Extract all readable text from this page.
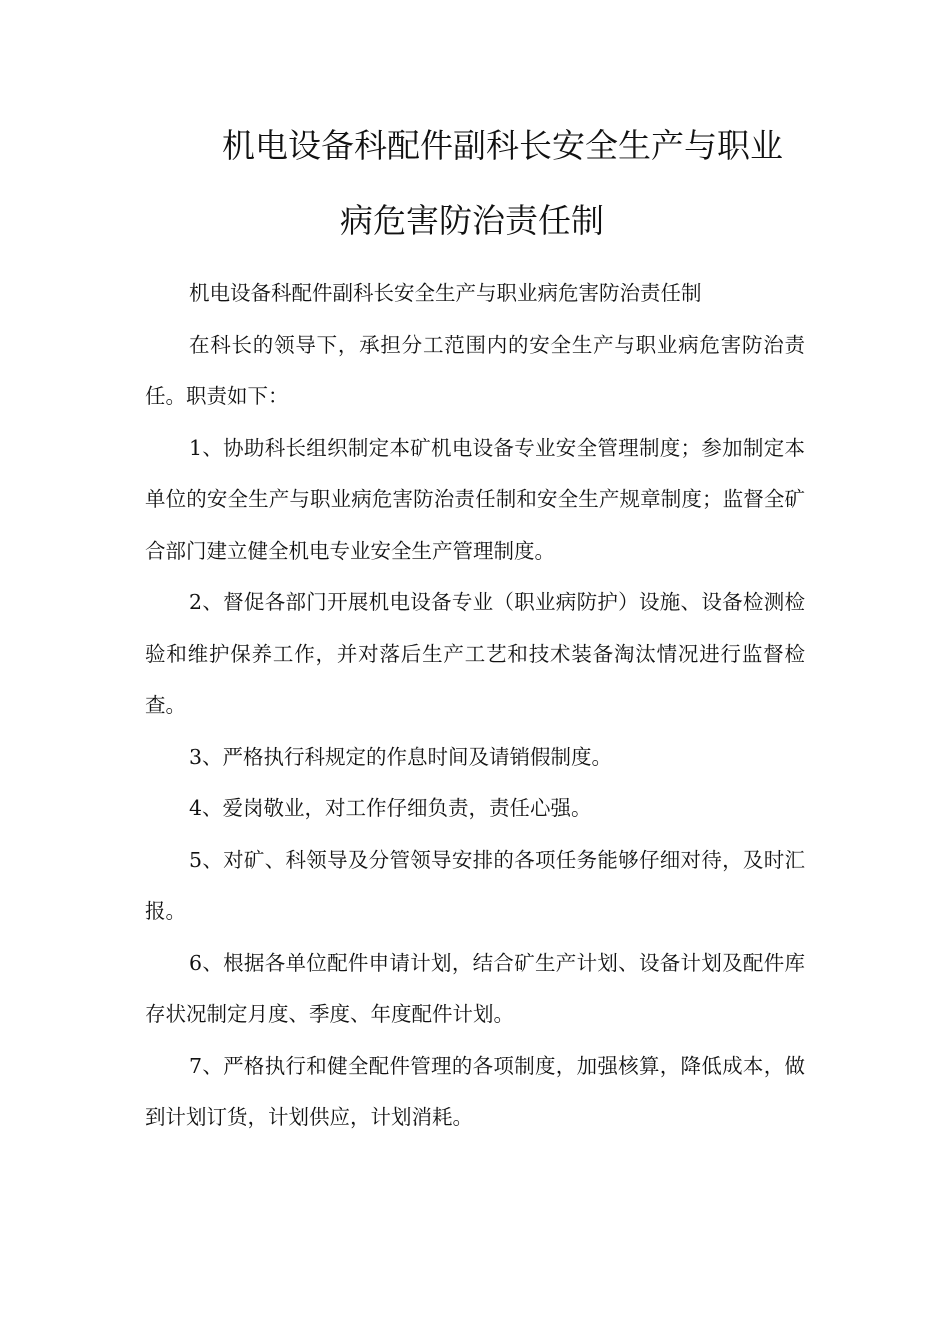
机电设备科配件副科长安全生产与职业
病危害防治责任制

机电设备科配件副科长安全生产与职业病危害防治责任制

在科长的领导下，承担分工范围内的安全生产与职业病危害防治责任。职责如下：

1、协助科长组织制定本矿机电设备专业安全管理制度；参加制定本单位的安全生产与职业病危害防治责任制和安全生产规章制度；监督全矿合部门建立健全机电专业安全生产管理制度。

2、督促各部门开展机电设备专业（职业病防护）设施、设备检测检验和维护保养工作，并对落后生产工艺和技术装备淘汰情况进行监督检查。

3、严格执行科规定的作息时间及请销假制度。

4、爱岗敬业，对工作仔细负责，责任心强。

5、对矿、科领导及分管领导安排的各项任务能够仔细对待，及时汇报。

6、根据各单位配件申请计划，结合矿生产计划、设备计划及配件库存状况制定月度、季度、年度配件计划。

7、严格执行和健全配件管理的各项制度，加强核算，降低成本，做到计划订货，计划供应，计划消耗。
